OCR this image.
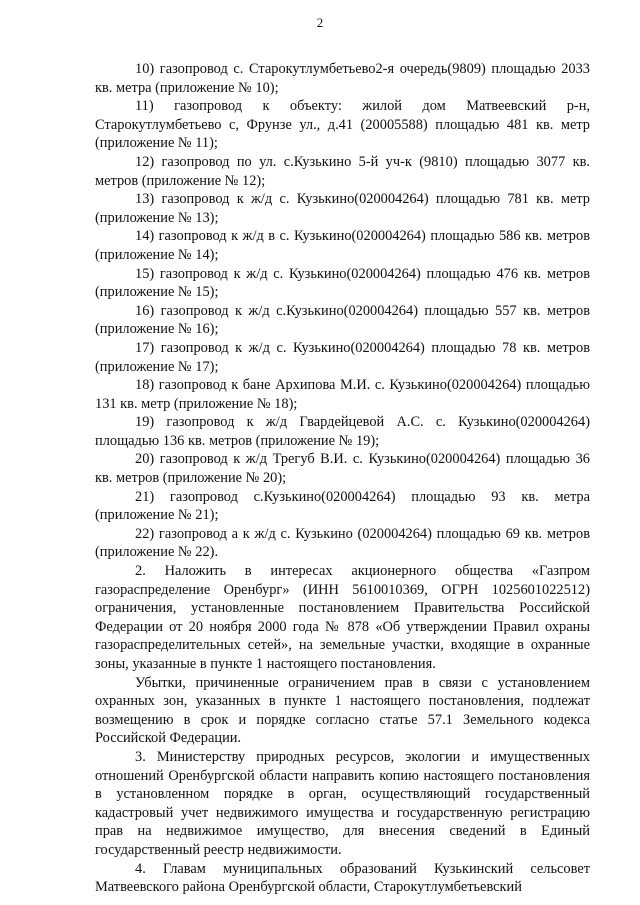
2

10) газопровод с. Старокутлумбетьево2-я очередь(9809) площадью 2033 кв. метра (приложение № 10);

11) газопровод к объекту: жилой дом Матвеевский р-н, Старокутлумбетьево с, Фрунзе ул., д.41 (20005588) площадью 481 кв. метр (приложение № 11);

12) газопровод по ул. с.Кузькино 5-й уч-к (9810) площадью 3077 кв. метров (приложение № 12);

13) газопровод к ж/д с. Кузькино(020004264) площадью 781 кв. метр (приложение № 13);

14) газопровод к ж/д в с. Кузькино(020004264) площадью 586 кв. метров (приложение № 14);

15) газопровод к ж/д с. Кузькино(020004264) площадью 476 кв. метров (приложение № 15);

16) газопровод к ж/д с.Кузькино(020004264) площадью 557 кв. метров (приложение № 16);

17) газопровод к ж/д с. Кузькино(020004264) площадью 78 кв. метров (приложение № 17);

18) газопровод к бане Архипова М.И. с. Кузькино(020004264) площадью 131 кв. метр (приложение № 18);

19) газопровод к ж/д Гвардейцевой А.С. с. Кузькино(020004264) площадью 136 кв. метров (приложение № 19);

20) газопровод к ж/д Трегуб В.И. с. Кузькино(020004264) площадью 36 кв. метров (приложение № 20);

21) газопровод с.Кузькино(020004264) площадью 93 кв. метра (приложение № 21);

22) газопровод а к ж/д с. Кузькино (020004264) площадью 69 кв. метров (приложение № 22).

2. Наложить в интересах акционерного общества «Газпром газораспределение Оренбург» (ИНН 5610010369, ОГРН 1025601022512) ограничения, установленные постановлением Правительства Российской Федерации от 20 ноября 2000 года № 878 «Об утверждении Правил охраны газораспределительных сетей», на земельные участки, входящие в охранные зоны, указанные в пункте 1 настоящего постановления.

Убытки, причиненные ограничением прав в связи с установлением охранных зон, указанных в пункте 1 настоящего постановления, подлежат возмещению в срок и порядке согласно статье 57.1 Земельного кодекса Российской Федерации.

3. Министерству природных ресурсов, экологии и имущественных отношений Оренбургской области направить копию настоящего постановления в установленном порядке в орган, осуществляющий государственный кадастровый учет недвижимого имущества и государственную регистрацию прав на недвижимое имущество, для внесения сведений в Единый государственный реестр недвижимости.

4. Главам муниципальных образований Кузькинский сельсовет Матвеевского района Оренбургской области, Старокутлумбетьевский
